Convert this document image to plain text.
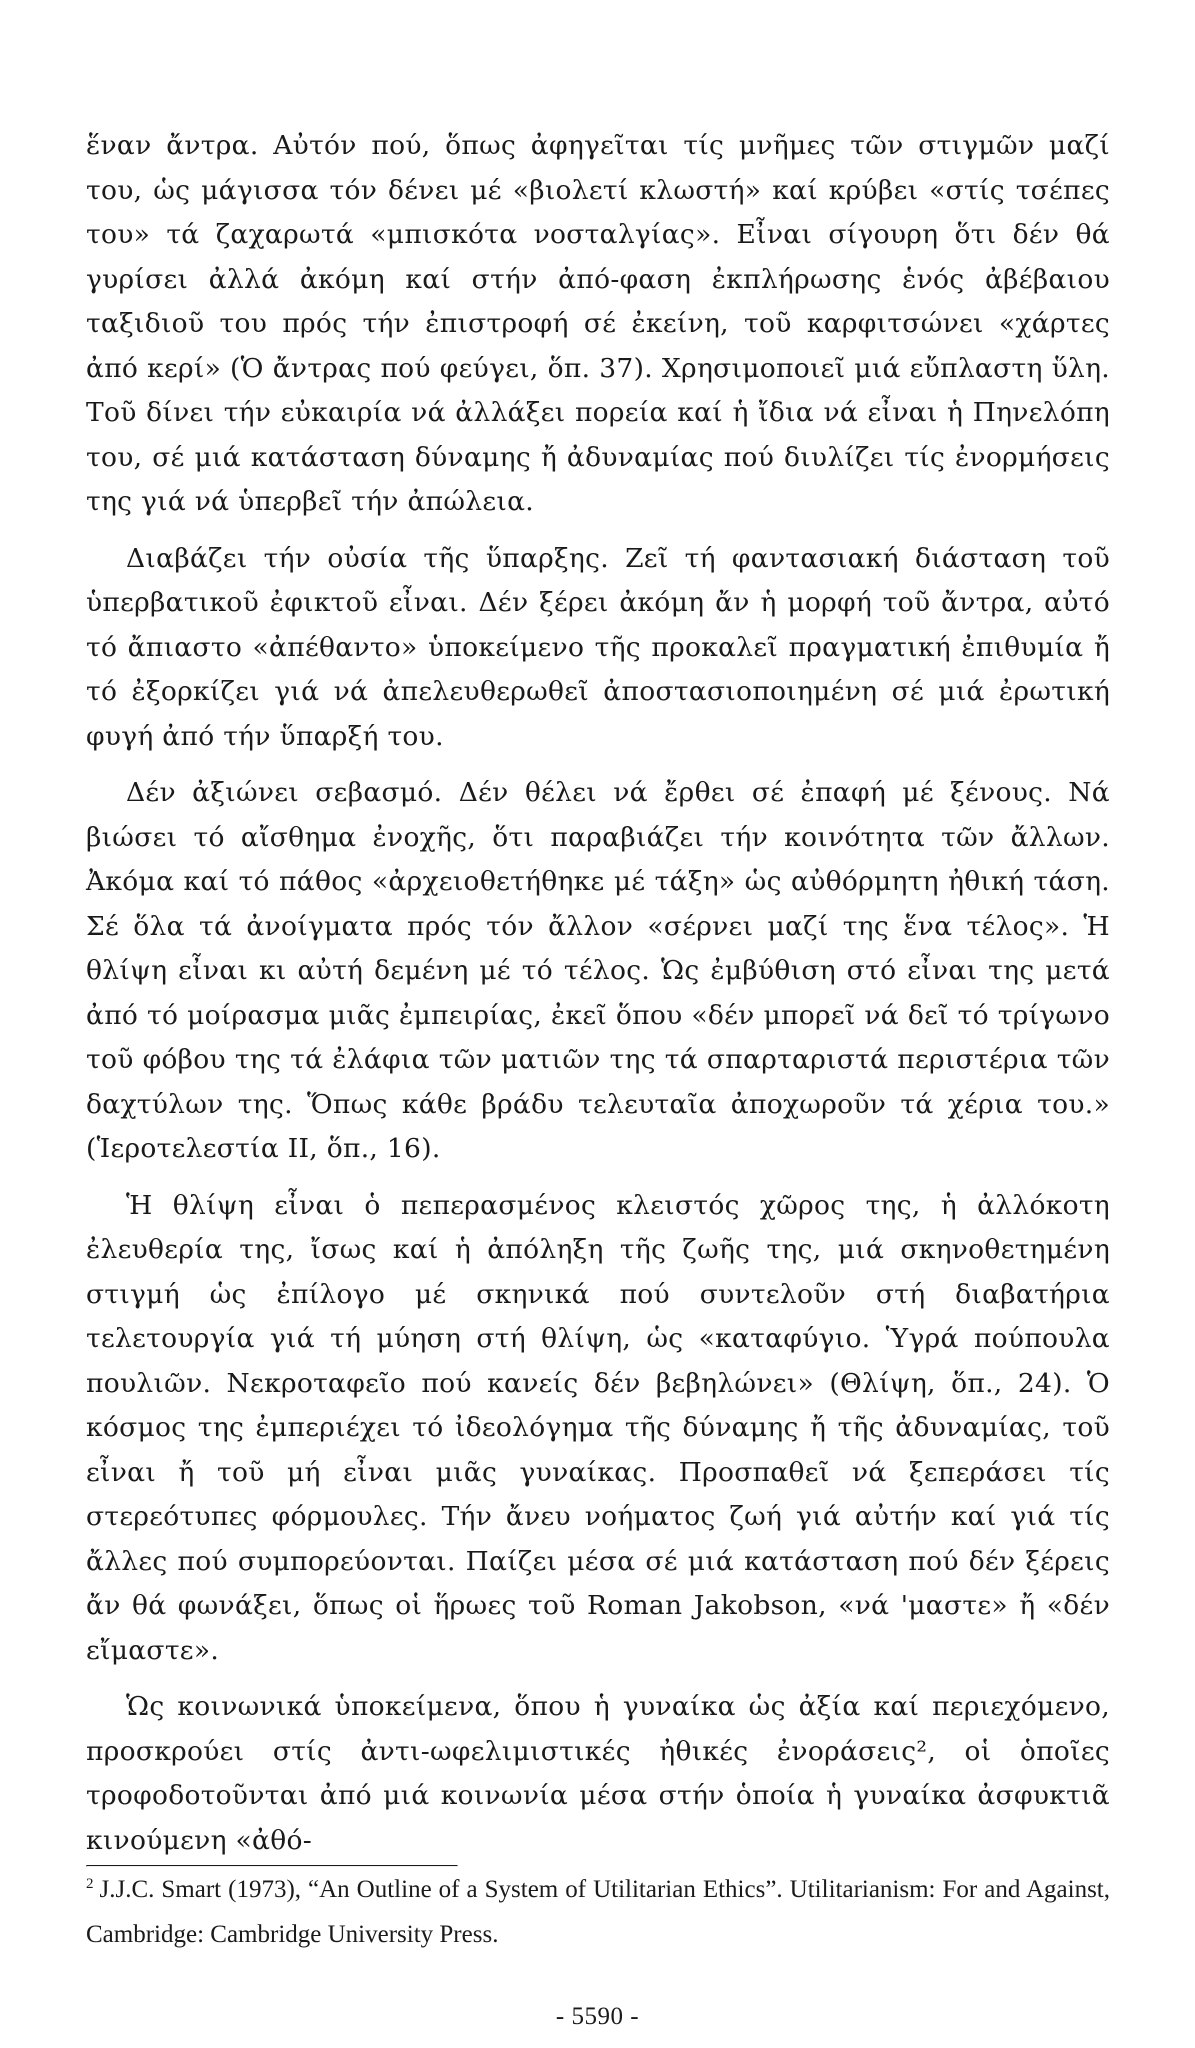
ἕναν ἄντρα. Αὐτόν πού, ὅπως ἀφηγεῖται τίς μνῆμες τῶν στιγμῶν μαζί του, ὡς μάγισσα τόν δένει μέ «βιολετί κλωστή» καί κρύβει «στίς τσέπες του» τά ζαχαρωτά «μπισκότα νοσταλγίας». Εἶναι σίγουρη ὅτι δέν θά γυρίσει ἀλλά ἀκόμη καί στήν ἀπό-φαση ἐκπλήρωσης ἑνός ἀβέβαιου ταξιδιοῦ του πρός τήν ἐπιστροφή σέ ἐκείνη, τοῦ καρφιτσώνει «χάρτες ἀπό κερί» (Ὁ ἄντρας πού φεύγει, ὅπ. 37). Χρησιμοποιεῖ μιά εὔπλαστη ὕλη. Τοῦ δίνει τήν εὐκαιρία νά ἀλλάξει πορεία καί ἡ ἴδια νά εἶναι ἡ Πηνελόπη του, σέ μιά κατάσταση δύναμης ἤ ἀδυναμίας πού διυλίζει τίς ἐνορμήσεις της γιά νά ὑπερβεῖ τήν ἀπώλεια.

Διαβάζει τήν οὐσία τῆς ὕπαρξης. Ζεῖ τή φαντασιακή διάσταση τοῦ ὑπερβατικοῦ ἐφικτοῦ εἶναι. Δέν ξέρει ἀκόμη ἄν ἡ μορφή τοῦ ἄντρα, αὐτό τό ἄπιαστο «ἀπέθαντο» ὑποκείμενο τῆς προκαλεῖ πραγματική ἐπιθυμία ἤ τό ἐξορκίζει γιά νά ἀπελευθερωθεῖ ἀποστασιοποιημένη σέ μιά ἐρωτική φυγή ἀπό τήν ὕπαρξή του.

Δέν ἀξιώνει σεβασμό. Δέν θέλει νά ἔρθει σέ ἐπαφή μέ ξένους. Νά βιώσει τό αἴσθημα ἐνοχῆς, ὅτι παραβιάζει τήν κοινότητα τῶν ἄλλων. Ἀκόμα καί τό πάθος «ἀρχειοθετήθηκε μέ τάξη» ὡς αὐθόρμητη ἠθική τάση. Σέ ὅλα τά ἀνοίγματα πρός τόν ἄλλον «σέρνει μαζί της ἕνα τέλος». Ἡ θλίψη εἶναι κι αὐτή δεμένη μέ τό τέλος. Ὡς ἐμβύθιση στό εἶναι της μετά ἀπό τό μοίρασμα μιᾶς ἐμπειρίας, ἐκεῖ ὅπου «δέν μπορεῖ νά δεῖ τό τρίγωνο τοῦ φόβου της τά ἐλάφια τῶν ματιῶν της τά σπαρταριστά περιστέρια τῶν δαχτύλων της. Ὅπως κάθε βράδυ τελευταῖα ἀποχωροῦν τά χέρια του.» (Ἱεροτελεστία II, ὅπ., 16).

Ἡ θλίψη εἶναι ὁ πεπερασμένος κλειστός χῶρος της, ἡ ἀλλόκοτη ἐλευθερία της, ἴσως καί ἡ ἀπόληξη τῆς ζωῆς της, μιά σκηνοθετημένη στιγμή ὡς ἐπίλογο μέ σκηνικά πού συντελοῦν στή διαβατήρια τελετουργία γιά τή μύηση στή θλίψη, ὡς «καταφύγιο. Ὑγρά πούπουλα πουλιῶν. Νεκροταφεῖο πού κανείς δέν βεβηλώνει» (Θλίψη, ὅπ., 24). Ὁ κόσμος της ἐμπεριέχει τό ἰδεολόγημα τῆς δύναμης ἤ τῆς ἀδυναμίας, τοῦ εἶναι ἤ τοῦ μή εἶναι μιᾶς γυναίκας. Προσπαθεῖ νά ξεπεράσει τίς στερεότυπες φόρμουλες. Τήν ἄνευ νοήματος ζωή γιά αὐτήν καί γιά τίς ἄλλες πού συμπορεύονται. Παίζει μέσα σέ μιά κατάσταση πού δέν ξέρεις ἄν θά φωνάξει, ὅπως οἱ ἥρωες τοῦ Roman Jakobson, «νά 'μαστε» ἤ «δέν εἴμαστε».

Ὡς κοινωνικά ὑποκείμενα, ὅπου ἡ γυναίκα ὡς ἀξία καί περιεχόμενο, προσκρούει στίς ἀντι-ωφελιμιστικές ἠθικές ἐνοράσεις², οἱ ὁποῖες τροφοδοτοῦνται ἀπό μιά κοινωνία μέσα στήν ὁποία ἡ γυναίκα ἀσφυκτιᾶ κινούμενη «ἀθό-

$^2$ J.J.C. Smart (1973), “An Outline of a System of Utilitarian Ethics”. Utilitarianism: For and Against, Cambridge: Cambridge University Press.

- 5590 -
